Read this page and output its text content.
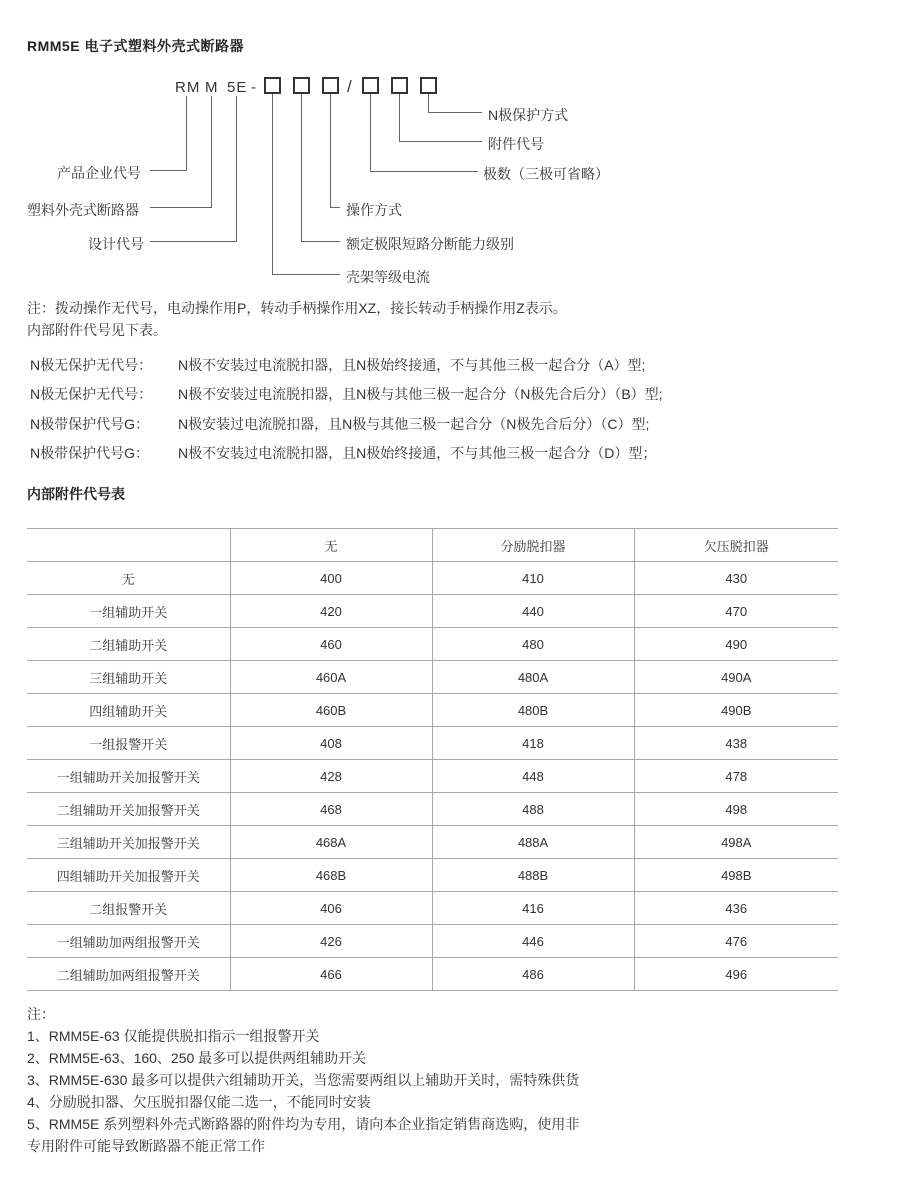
RMM5E 电子式塑料外壳式断路器
RM M 5E -	/
产品企业代号
塑料外壳式断路器
设计代号
操作方式
额定极限短路分断能力级别
壳架等级电流
极数（三极可省略）
附件代号
N极保护方式
注：拨动操作无代号，电动操作用P，转动手柄操作用XZ，接长转动手柄操作用Z表示。
内部附件代号见下表。
N极无保护无代号： N极不安装过电流脱扣器，且N极始终接通，不与其他三极一起合分（A）型;
N极无保护无代号： N极不安装过电流脱扣器，且N极与其他三极一起合分（N极先合后分）（B）型;
N极带保护代号G： N极安装过电流脱扣器，且N极与其他三极一起合分（N极先合后分）（C）型;
N极带保护代号G： N极不安装过电流脱扣器，且N极始终接通，不与其他三极一起合分（D）型；
内部附件代号表
	无	分励脱扣器	欠压脱扣器
无	400	410	430
一组辅助开关	420	440	470
二组辅助开关	460	480	490
三组辅助开关	460A	480A	490A
四组辅助开关	460B	480B	490B
一组报警开关	408	418	438
一组辅助开关加报警开关	428	448	478
二组辅助开关加报警开关	468	488	498
三组辅助开关加报警开关	468A	488A	498A
四组辅助开关加报警开关	468B	488B	498B
二组报警开关	406	416	436
一组辅助加两组报警开关	426	446	476
二组辅助加两组报警开关	466	486	496
注：
1、RMM5E-63 仅能提供脱扣指示一组报警开关
2、RMM5E-63、160、250 最多可以提供两组辅助开关
3、RMM5E-630 最多可以提供六组辅助开关，当您需要两组以上辅助开关时，需特殊供货
4、分励脱扣器、欠压脱扣器仅能二选一，不能同时安装
5、RMM5E 系列塑料外壳式断路器的附件均为专用，请向本企业指定销售商选购，使用非
专用附件可能导致断路器不能正常工作
